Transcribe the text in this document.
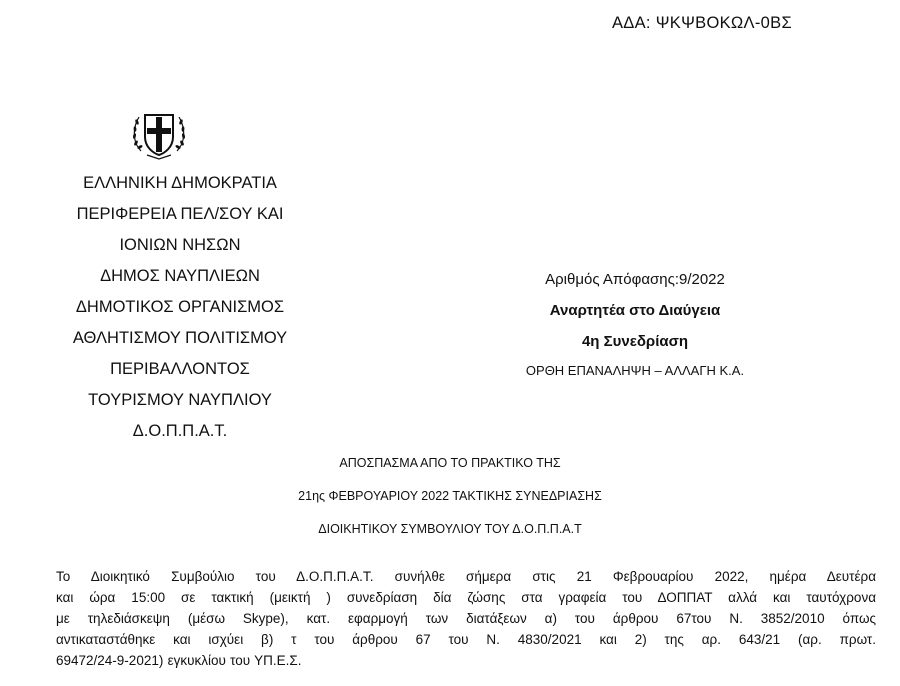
ΑΔΑ: ΨΚΨΒΟΚΩΛ-0ΒΣ
ΕΛΛΗΝΙΚΗ ΔΗΜΟΚΡΑΤΙΑ
ΠΕΡΙΦΕΡΕΙΑ ΠΕΛ/ΣΟΥ ΚΑΙ
ΙΟΝΙΩΝ ΝΗΣΩΝ
ΔΗΜΟΣ ΝΑΥΠΛΙΕΩΝ
ΔΗΜΟΤΙΚΟΣ ΟΡΓΑΝΙΣΜΟΣ
ΑΘΛΗΤΙΣΜΟΥ ΠΟΛΙΤΙΣΜΟΥ
ΠΕΡΙΒΑΛΛΟΝΤΟΣ
ΤΟΥΡΙΣΜΟΥ ΝΑΥΠΛΙΟΥ
Δ.Ο.Π.Π.Α.Τ.
Αριθμός Απόφασης:9/2022
Αναρτητέα στο Διαύγεια
4η Συνεδρίαση
ΟΡΘΗ ΕΠΑΝΑΛΗΨΗ – ΑΛΛΑΓΗ Κ.Α.
ΑΠΟΣΠΑΣΜΑ ΑΠΟ ΤΟ ΠΡΑΚΤΙΚΟ ΤΗΣ
21ης ΦΕΒΡΟΥΑΡΙΟΥ 2022 ΤΑΚΤΙΚΗΣ ΣΥΝΕΔΡΙΑΣΗΣ
ΔΙΟΙΚΗΤΙΚΟΥ ΣΥΜΒΟΥΛΙΟΥ ΤΟΥ Δ.Ο.Π.Π.Α.Τ
Το Διοικητικό Συμβούλιο του Δ.Ο.Π.Π.Α.Τ. συνήλθε σήμερα στις 21 Φεβρουαρίου 2022, ημέρα Δευτέρα
και ώρα 15:00 σε τακτική (μεικτή ) συνεδρίαση δία ζώσης στα γραφεία του ΔΟΠΠΑΤ αλλά και ταυτόχρονα
με τηλεδιάσκεψη (μέσω Skype), κατ. εφαρμογή των διατάξεων α) του άρθρου 67του Ν. 3852/2010 όπως
αντικαταστάθηκε και ισχύει β) τ του άρθρου 67 του Ν. 4830/2021 και 2) της αρ. 643/21 (αρ. πρωτ.
69472/24-9-2021) εγκυκλίου του ΥΠ.Ε.Σ.
